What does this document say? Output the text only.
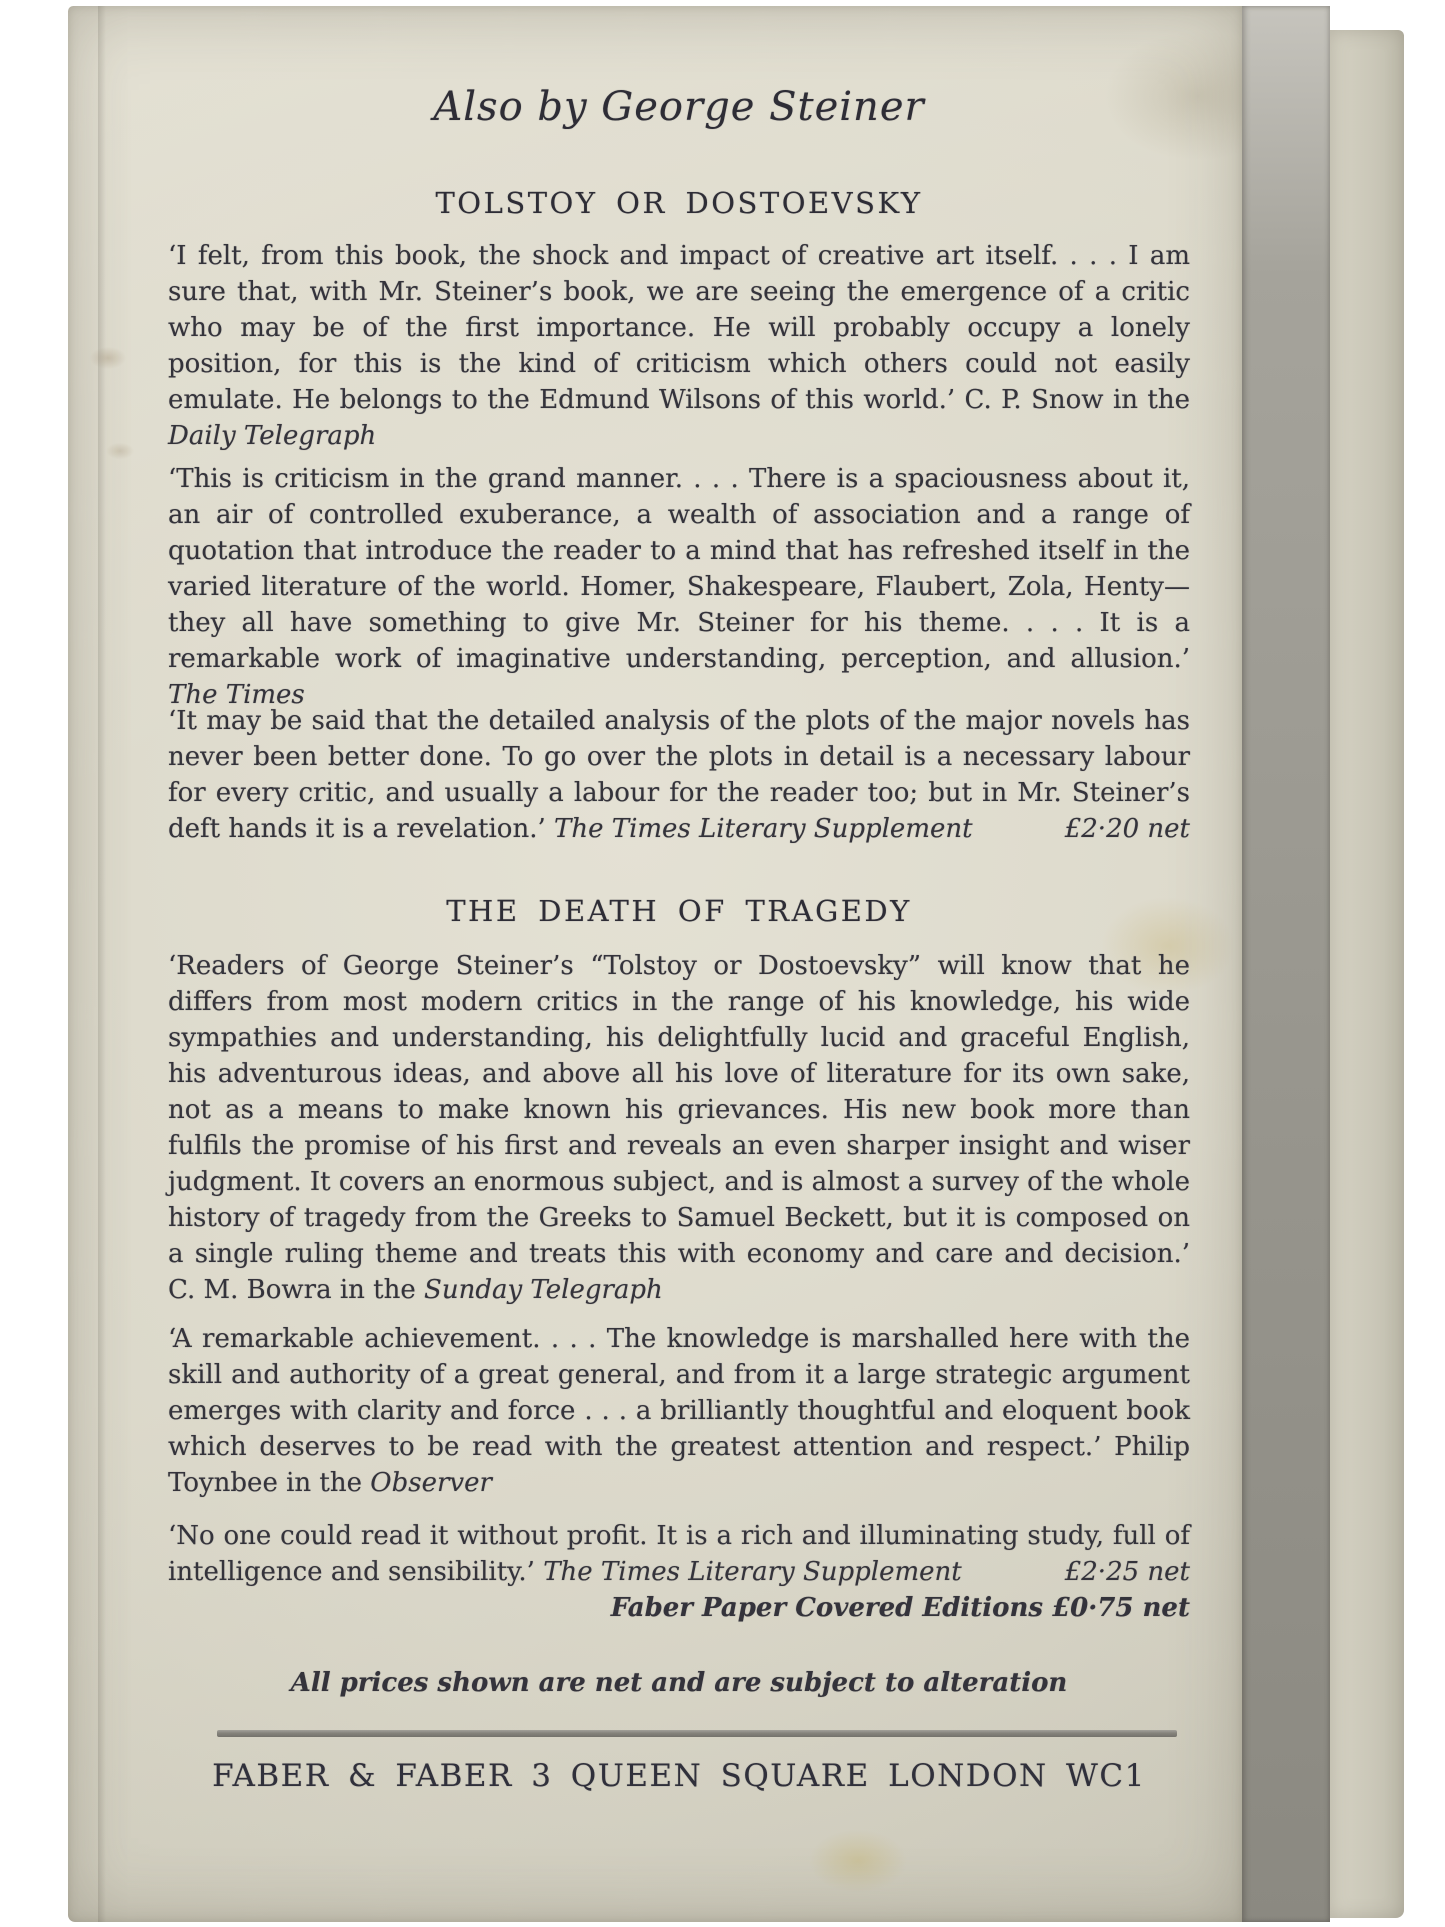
Also by George Steiner
TOLSTOY OR DOSTOEVSKY

‘I felt, from this book, the shock and impact of creative art itself. . . . I am sure that, with Mr. Steiner’s book, we are seeing the emergence of a critic who may be of the first importance. He will probably occupy a lonely position, for this is the kind of criticism which others could not easily emulate. He belongs to the Edmund Wilsons of this world.’ C. P. Snow in the Daily Telegraph

‘This is criticism in the grand manner. . . . There is a spaciousness about it, an air of controlled exuberance, a wealth of association and a range of quotation that introduce the reader to a mind that has refreshed itself in the varied literature of the world. Homer, Shakespeare, Flaubert, Zola, Henty—they all have something to give Mr. Steiner for his theme. . . . It is a remarkable work of imaginative understanding, perception, and allusion.’ The Times

‘It may be said that the detailed analysis of the plots of the major novels has never been better done. To go over the plots in detail is a necessary labour for every critic, and usually a labour for the reader too; but in Mr. Steiner’s deft hands it is a revelation.’ The Times Literary Supplement	£2·20 net

THE DEATH OF TRAGEDY

‘Readers of George Steiner’s “Tolstoy or Dostoevsky” will know that he differs from most modern critics in the range of his knowledge, his wide sympathies and understanding, his delightfully lucid and graceful English, his adventurous ideas, and above all his love of literature for its own sake, not as a means to make known his grievances. His new book more than fulfils the promise of his first and reveals an even sharper insight and wiser judgment. It covers an enormous subject, and is almost a survey of the whole history of tragedy from the Greeks to Samuel Beckett, but it is composed on a single ruling theme and treats this with economy and care and decision.’ C. M. Bowra in the Sunday Telegraph

‘A remarkable achievement. . . . The knowledge is marshalled here with the skill and authority of a great general, and from it a large strategic argument emerges with clarity and force . . . a brilliantly thoughtful and eloquent book which deserves to be read with the greatest attention and respect.’ Philip Toynbee in the Observer

‘No one could read it without profit. It is a rich and illuminating study, full of intelligence and sensibility.’ The Times Literary Supplement	£2·25 net

Faber Paper Covered Editions £0·75 net
All prices shown are net and are subject to alteration
FABER & FABER 3 QUEEN SQUARE LONDON WC1
